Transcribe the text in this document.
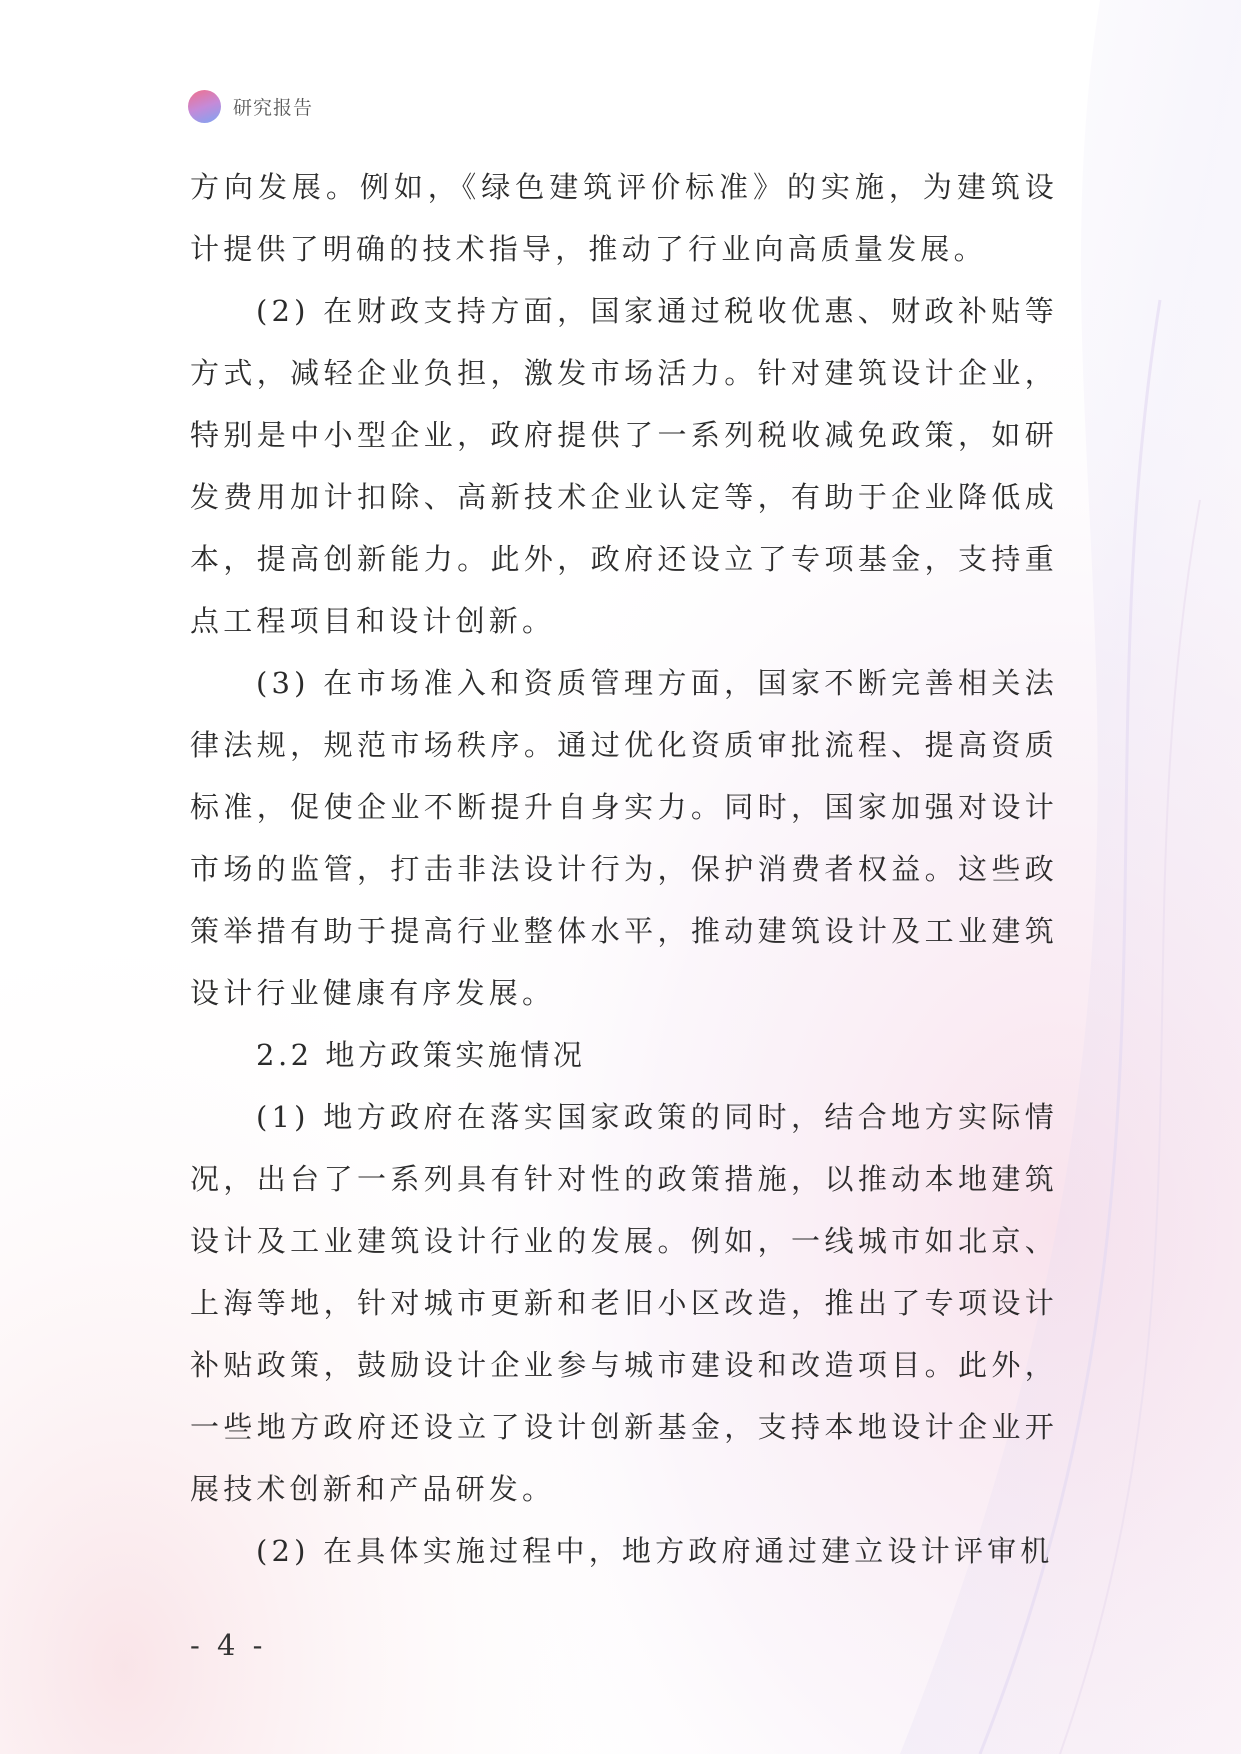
研究报告

方向发展。例如，《绿色建筑评价标准》的实施，为建筑设计提供了明确的技术指导，推动了行业向高质量发展。

(2) 在财政支持方面，国家通过税收优惠、财政补贴等方式，减轻企业负担，激发市场活力。针对建筑设计企业，特别是中小型企业，政府提供了一系列税收减免政策，如研发费用加计扣除、高新技术企业认定等，有助于企业降低成本，提高创新能力。此外，政府还设立了专项基金，支持重点工程项目和设计创新。

(3) 在市场准入和资质管理方面，国家不断完善相关法律法规，规范市场秩序。通过优化资质审批流程、提高资质标准，促使企业不断提升自身实力。同时，国家加强对设计市场的监管，打击非法设计行为，保护消费者权益。这些政策举措有助于提高行业整体水平，推动建筑设计及工业建筑设计行业健康有序发展。

2.2 地方政策实施情况

(1) 地方政府在落实国家政策的同时，结合地方实际情况，出台了一系列具有针对性的政策措施，以推动本地建筑设计及工业建筑设计行业的发展。例如，一线城市如北京、上海等地，针对城市更新和老旧小区改造，推出了专项设计补贴政策，鼓励设计企业参与城市建设和改造项目。此外，一些地方政府还设立了设计创新基金，支持本地设计企业开展技术创新和产品研发。

(2) 在具体实施过程中，地方政府通过建立设计评审机

- 4 -
